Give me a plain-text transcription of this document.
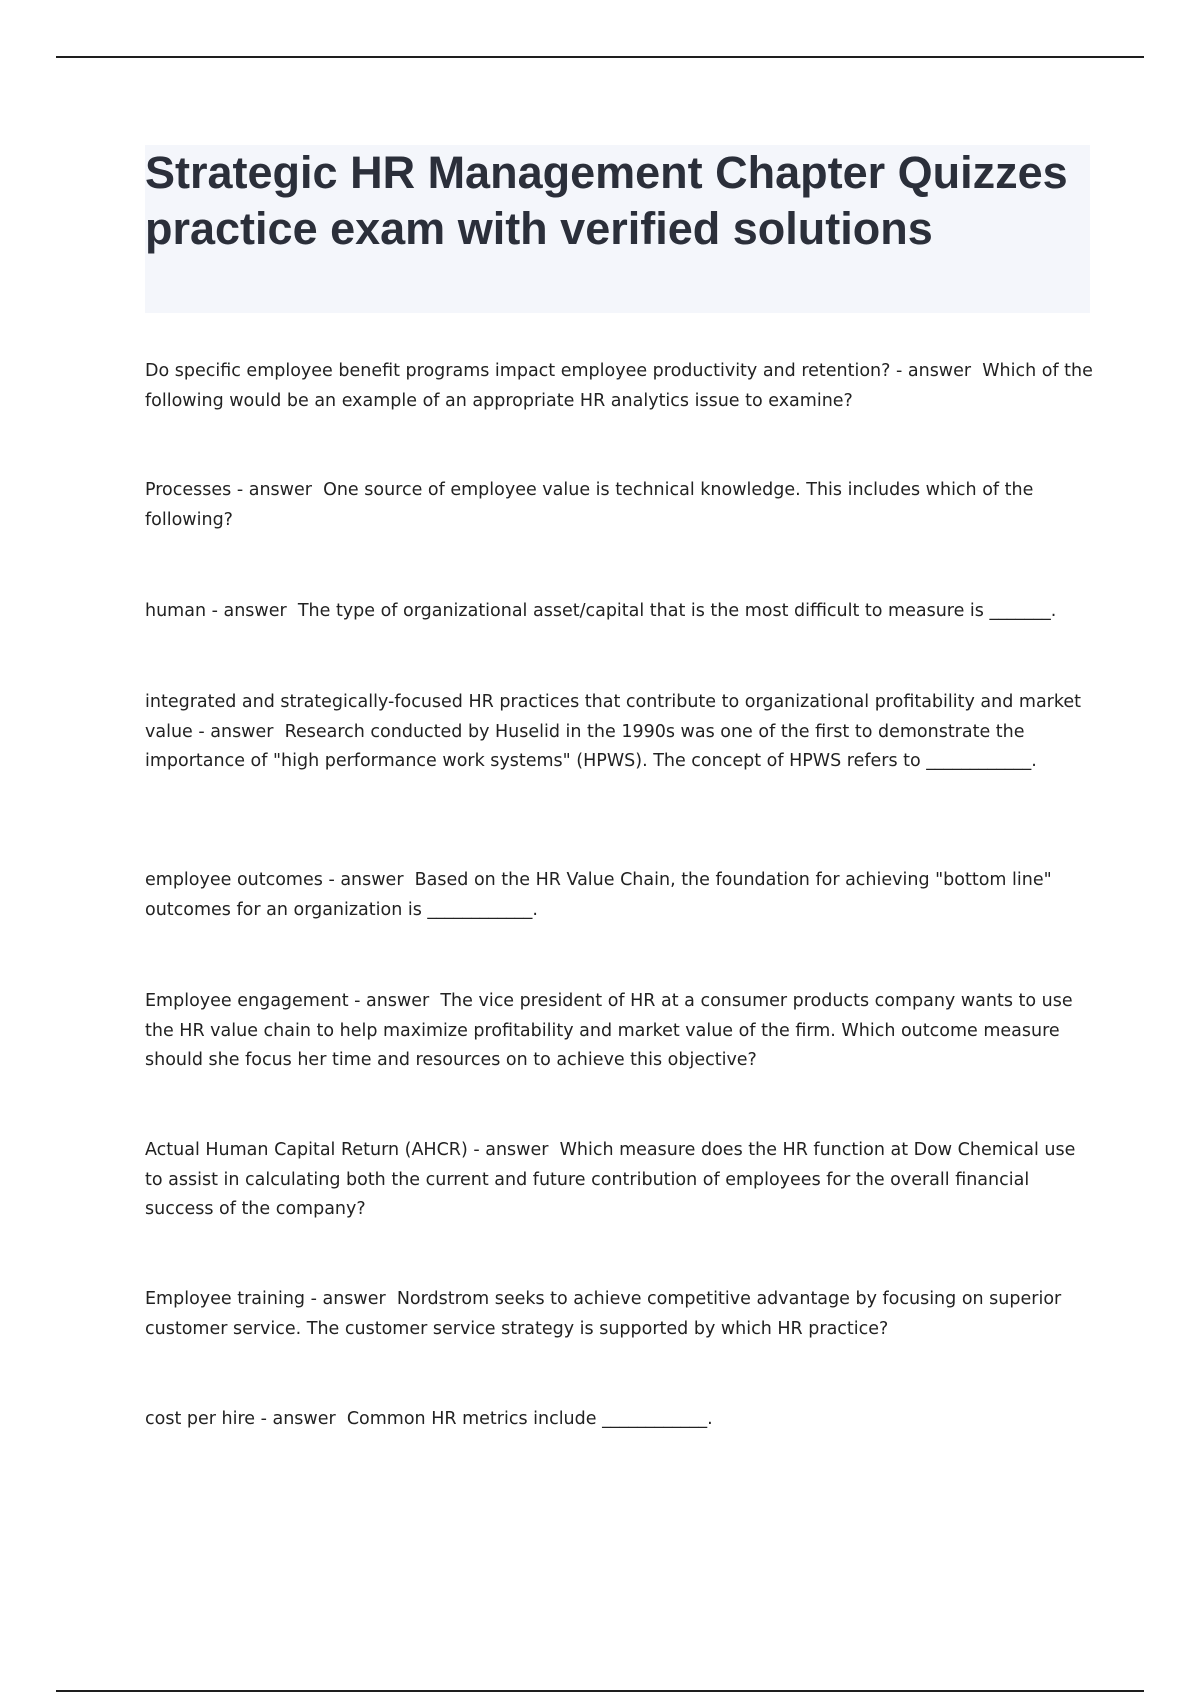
Strategic HR Management Chapter Quizzes practice exam with verified solutions

Do specific employee benefit programs impact employee productivity and retention? - answer  Which of the following would be an example of an appropriate HR analytics issue to examine?

Processes - answer  One source of employee value is technical knowledge. This includes which of the following?

human - answer  The type of organizational asset/capital that is the most difficult to measure is _______.

integrated and strategically-focused HR practices that contribute to organizational profitability and market value - answer  Research conducted by Huselid in the 1990s was one of the first to demonstrate the importance of "high performance work systems" (HPWS). The concept of HPWS refers to ____________.

employee outcomes - answer  Based on the HR Value Chain, the foundation for achieving "bottom line" outcomes for an organization is ____________.

Employee engagement - answer  The vice president of HR at a consumer products company wants to use the HR value chain to help maximize profitability and market value of the firm. Which outcome measure should she focus her time and resources on to achieve this objective?

Actual Human Capital Return (AHCR) - answer  Which measure does the HR function at Dow Chemical use to assist in calculating both the current and future contribution of employees for the overall financial success of the company?

Employee training - answer  Nordstrom seeks to achieve competitive advantage by focusing on superior customer service. The customer service strategy is supported by which HR practice?

cost per hire - answer  Common HR metrics include ____________.
